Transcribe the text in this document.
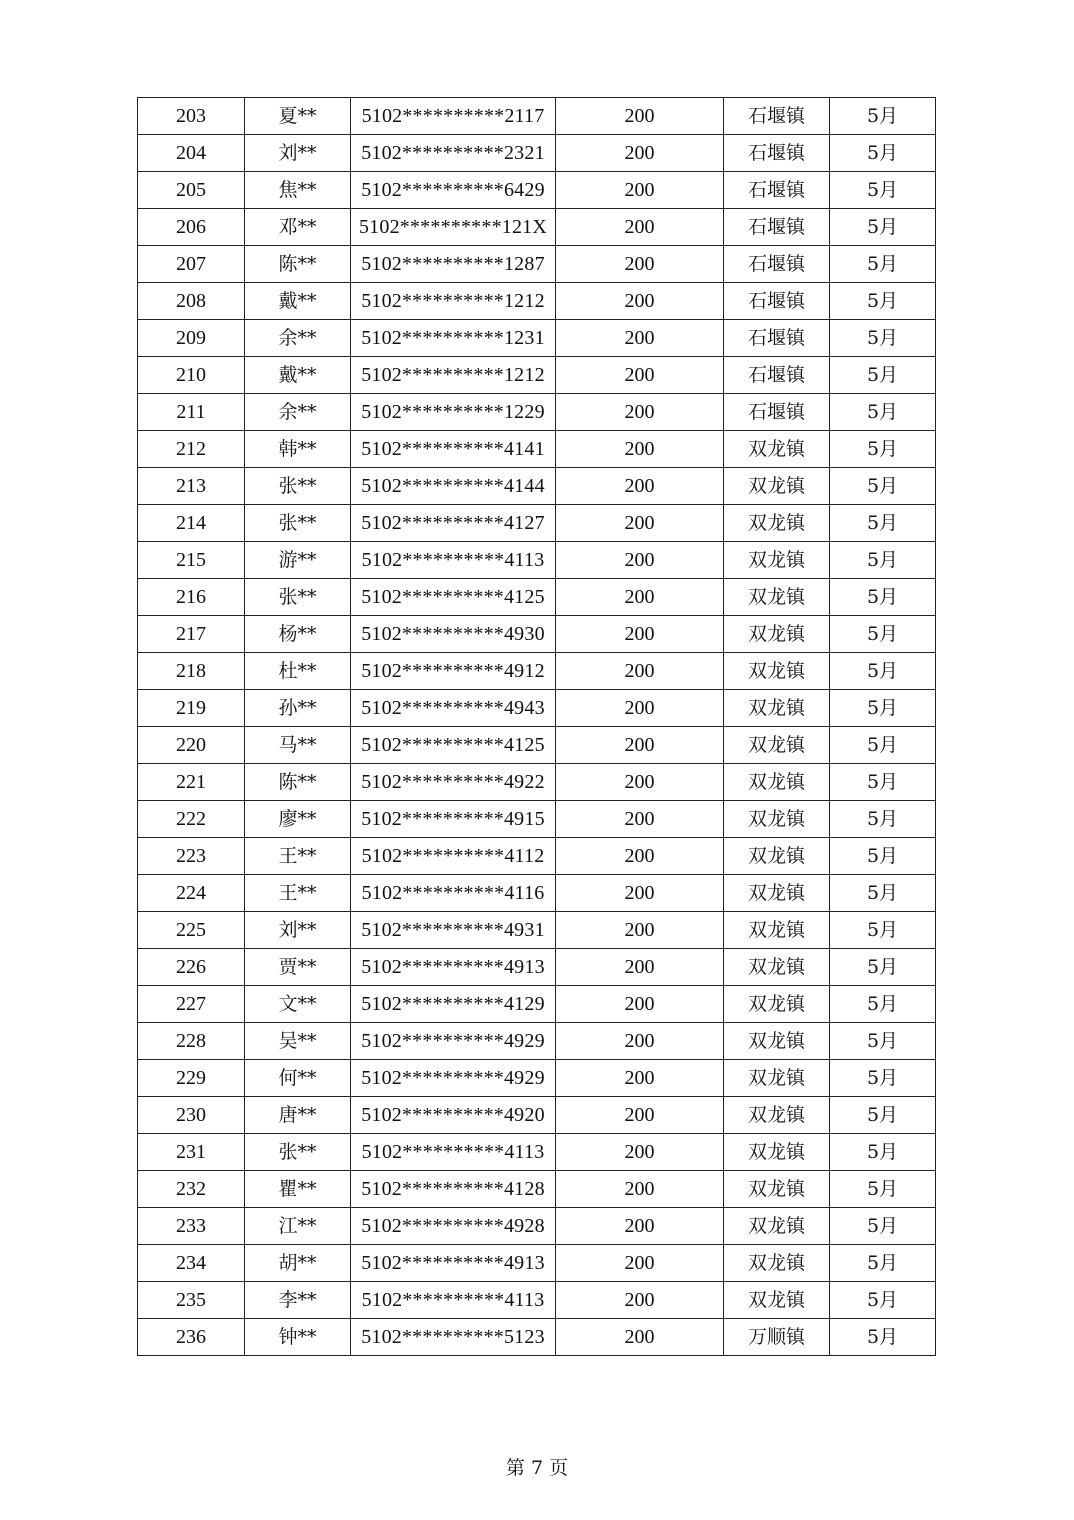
203	夏**	5102**********2117	200	石堰镇	5月
204	刘**	5102**********2321	200	石堰镇	5月
205	焦**	5102**********6429	200	石堰镇	5月
206	邓**	5102**********121X	200	石堰镇	5月
207	陈**	5102**********1287	200	石堰镇	5月
208	戴**	5102**********1212	200	石堰镇	5月
209	余**	5102**********1231	200	石堰镇	5月
210	戴**	5102**********1212	200	石堰镇	5月
211	余**	5102**********1229	200	石堰镇	5月
212	韩**	5102**********4141	200	双龙镇	5月
213	张**	5102**********4144	200	双龙镇	5月
214	张**	5102**********4127	200	双龙镇	5月
215	游**	5102**********4113	200	双龙镇	5月
216	张**	5102**********4125	200	双龙镇	5月
217	杨**	5102**********4930	200	双龙镇	5月
218	杜**	5102**********4912	200	双龙镇	5月
219	孙**	5102**********4943	200	双龙镇	5月
220	马**	5102**********4125	200	双龙镇	5月
221	陈**	5102**********4922	200	双龙镇	5月
222	廖**	5102**********4915	200	双龙镇	5月
223	王**	5102**********4112	200	双龙镇	5月
224	王**	5102**********4116	200	双龙镇	5月
225	刘**	5102**********4931	200	双龙镇	5月
226	贾**	5102**********4913	200	双龙镇	5月
227	文**	5102**********4129	200	双龙镇	5月
228	吴**	5102**********4929	200	双龙镇	5月
229	何**	5102**********4929	200	双龙镇	5月
230	唐**	5102**********4920	200	双龙镇	5月
231	张**	5102**********4113	200	双龙镇	5月
232	瞿**	5102**********4128	200	双龙镇	5月
233	江**	5102**********4928	200	双龙镇	5月
234	胡**	5102**********4913	200	双龙镇	5月
235	李**	5102**********4113	200	双龙镇	5月
236	钟**	5102**********5123	200	万顺镇	5月
第 7 页
